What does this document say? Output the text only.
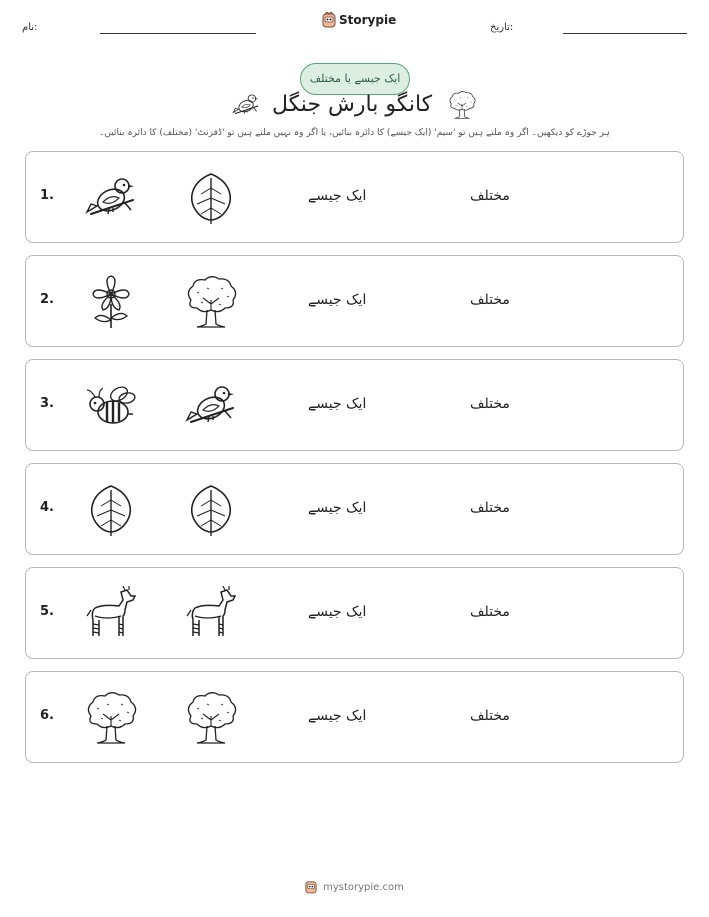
نام:
Storypie
تاریخ:
ایک جیسے یا مختلف
کانگو بارش جنگل
ہر جوڑے کو دیکھیں۔ اگر وہ ملتے ہیں تو 'سیم' (ایک جیسے) کا دائرہ بنائیں، یا اگر وہ نہیں ملتے ہیں تو 'ڈفرنٹ' (مختلف) کا دائرہ بنائیں۔
1.	ایک جیسے	مختلف
2.	ایک جیسے	مختلف
3.	ایک جیسے	مختلف
4.	ایک جیسے	مختلف
5.	ایک جیسے	مختلف
6.	ایک جیسے	مختلف
mystorypie.com
